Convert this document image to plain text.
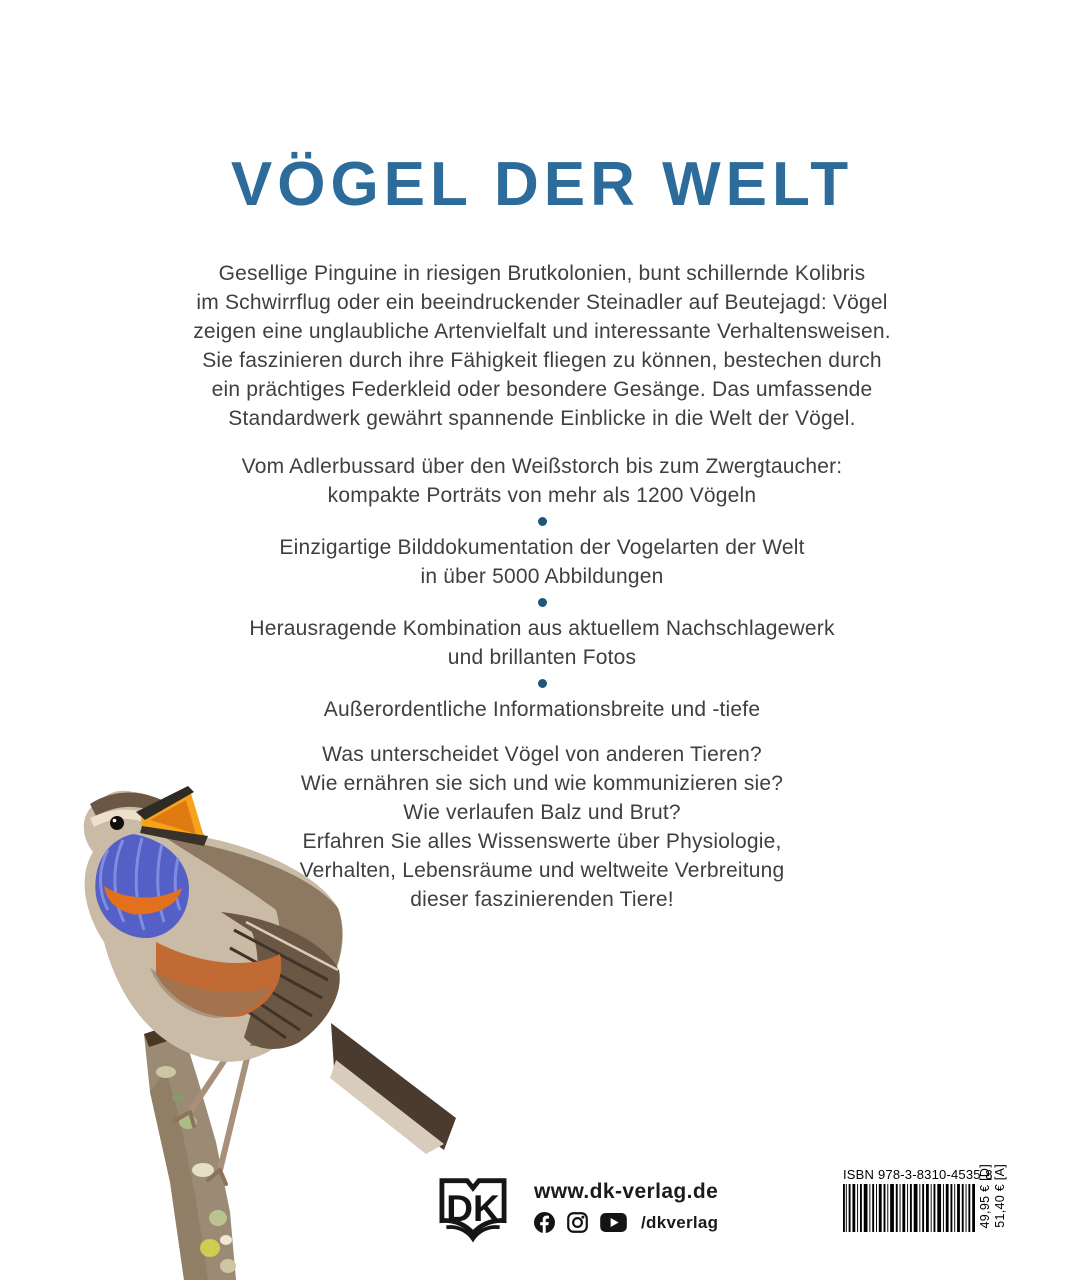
VÖGEL DER WELT
Gesellige Pinguine in riesigen Brutkolonien, bunt schillernde Kolibris
im Schwirrflug oder ein beeindruckender Steinadler auf Beutejagd: Vögel
zeigen eine unglaubliche Artenvielfalt und interessante Verhaltensweisen.
Sie faszinieren durch ihre Fähigkeit fliegen zu können, bestechen durch
ein prächtiges Federkleid oder besondere Gesänge. Das umfassende
Standardwerk gewährt spannende Einblicke in die Welt der Vögel.
Vom Adlerbussard über den Weißstorch bis zum Zwergtaucher:
kompakte Porträts von mehr als 1200 Vögeln
Einzigartige Bilddokumentation der Vogelarten der Welt
in über 5000 Abbildungen
Herausragende Kombination aus aktuellem Nachschlagewerk
und brillanten Fotos
Außerordentliche Informationsbreite und -tiefe
Was unterscheidet Vögel von anderen Tieren?
Wie ernähren sie sich und wie kommunizieren sie?
Wie verlaufen Balz und Brut?
Erfahren Sie alles Wissenswerte über Physiologie,
Verhalten, Lebensräume und weltweite Verbreitung
dieser faszinierenden Tiere!
DK	www.dk-verlag.de
/dkverlag
ISBN 978-3-8310-4535-8
49,95 € [D] 51,40 € [A]
